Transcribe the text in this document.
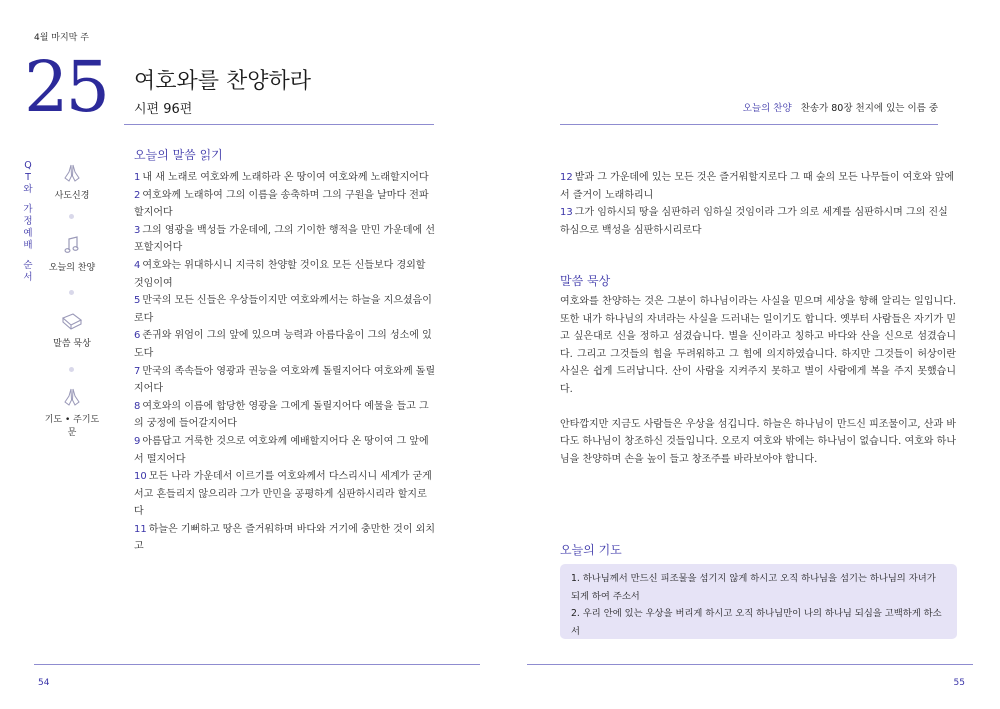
4월 마지막 주
25 여호와를 찬양하라
시편 96편	오늘의 찬양 찬송가 80장 천지에 있는 이름 중
Q
T
와
가
정
예
배
순
서
사도신경
오늘의 찬양
말씀 묵상
기도 • 주기도문
오늘의 말씀 읽기
1 내 새 노래로 여호와께 노래하라 온 땅이여 여호와께 노래할지어다
2 여호와께 노래하여 그의 이름을 송축하며 그의 구원을 날마다 전파할지어다
3 그의 영광을 백성들 가운데에, 그의 기이한 행적을 만민 가운데에 선포할지어다
4 여호와는 위대하시니 지극히 찬양할 것이요 모든 신들보다 경외할 것임이여
5 만국의 모든 신들은 우상들이지만 여호와께서는 하늘을 지으셨음이로다
6 존귀와 위엄이 그의 앞에 있으며 능력과 아름다움이 그의 성소에 있도다
7 만국의 족속들아 영광과 권능을 여호와께 돌릴지어다 여호와께 돌릴지어다
8 여호와의 이름에 합당한 영광을 그에게 돌릴지어다 예물을 들고 그의 궁정에 들어갈지어다
9 아름답고 거룩한 것으로 여호와께 예배할지어다 온 땅이여 그 앞에서 떨지어다
10 모든 나라 가운데서 이르기를 여호와께서 다스리시니 세계가 굳게 서고 흔들리지 않으리라 그가 만민을 공평하게 심판하시리라 할지로다
11 하늘은 기뻐하고 땅은 즐거워하며 바다와 거기에 충만한 것이 외치고
12 밭과 그 가운데에 있는 모든 것은 즐거워할지로다 그 때 숲의 모든 나무들이 여호와 앞에서 즐거이 노래하리니
13 그가 임하시되 땅을 심판하러 임하실 것임이라 그가 의로 세계를 심판하시며 그의 진실하심으로 백성을 심판하시리로다
말씀 묵상

여호와를 찬양하는 것은 그분이 하나님이라는 사실을 믿으며 세상을 향해 알리는 일입니다. 또한 내가 하나님의 자녀라는 사실을 드러내는 일이기도 합니다. 옛부터 사람들은 자기가 믿고 싶은대로 신을 정하고 섬겼습니다. 별을 신이라고 칭하고 바다와 산을 신으로 섬겼습니다. 그리고 그것들의 힘을 두려워하고 그 힘에 의지하였습니다. 하지만 그것들이 허상이란 사실은 쉽게 드러납니다. 산이 사람을 지켜주지 못하고 별이 사람에게 복을 주지 못했습니다.

안타깝지만 지금도 사람들은 우상을 섬깁니다. 하늘은 하나님이 만드신 피조물이고, 산과 바다도 하나님이 창조하신 것들입니다. 오로지 여호와 밖에는 하나님이 없습니다. 여호와 하나님을 찬양하며 손을 높이 들고 창조주를 바라보아야 합니다.

오늘의 기도

1. 하나님께서 만드신 피조물을 섬기지 않게 하시고 오직 하나님을 섬기는 하나님의 자녀가 되게 하여 주소서

2. 우리 안에 있는 우상을 버리게 하시고 오직 하나님만이 나의 하나님 되심을 고백하게 하소서

54	55
